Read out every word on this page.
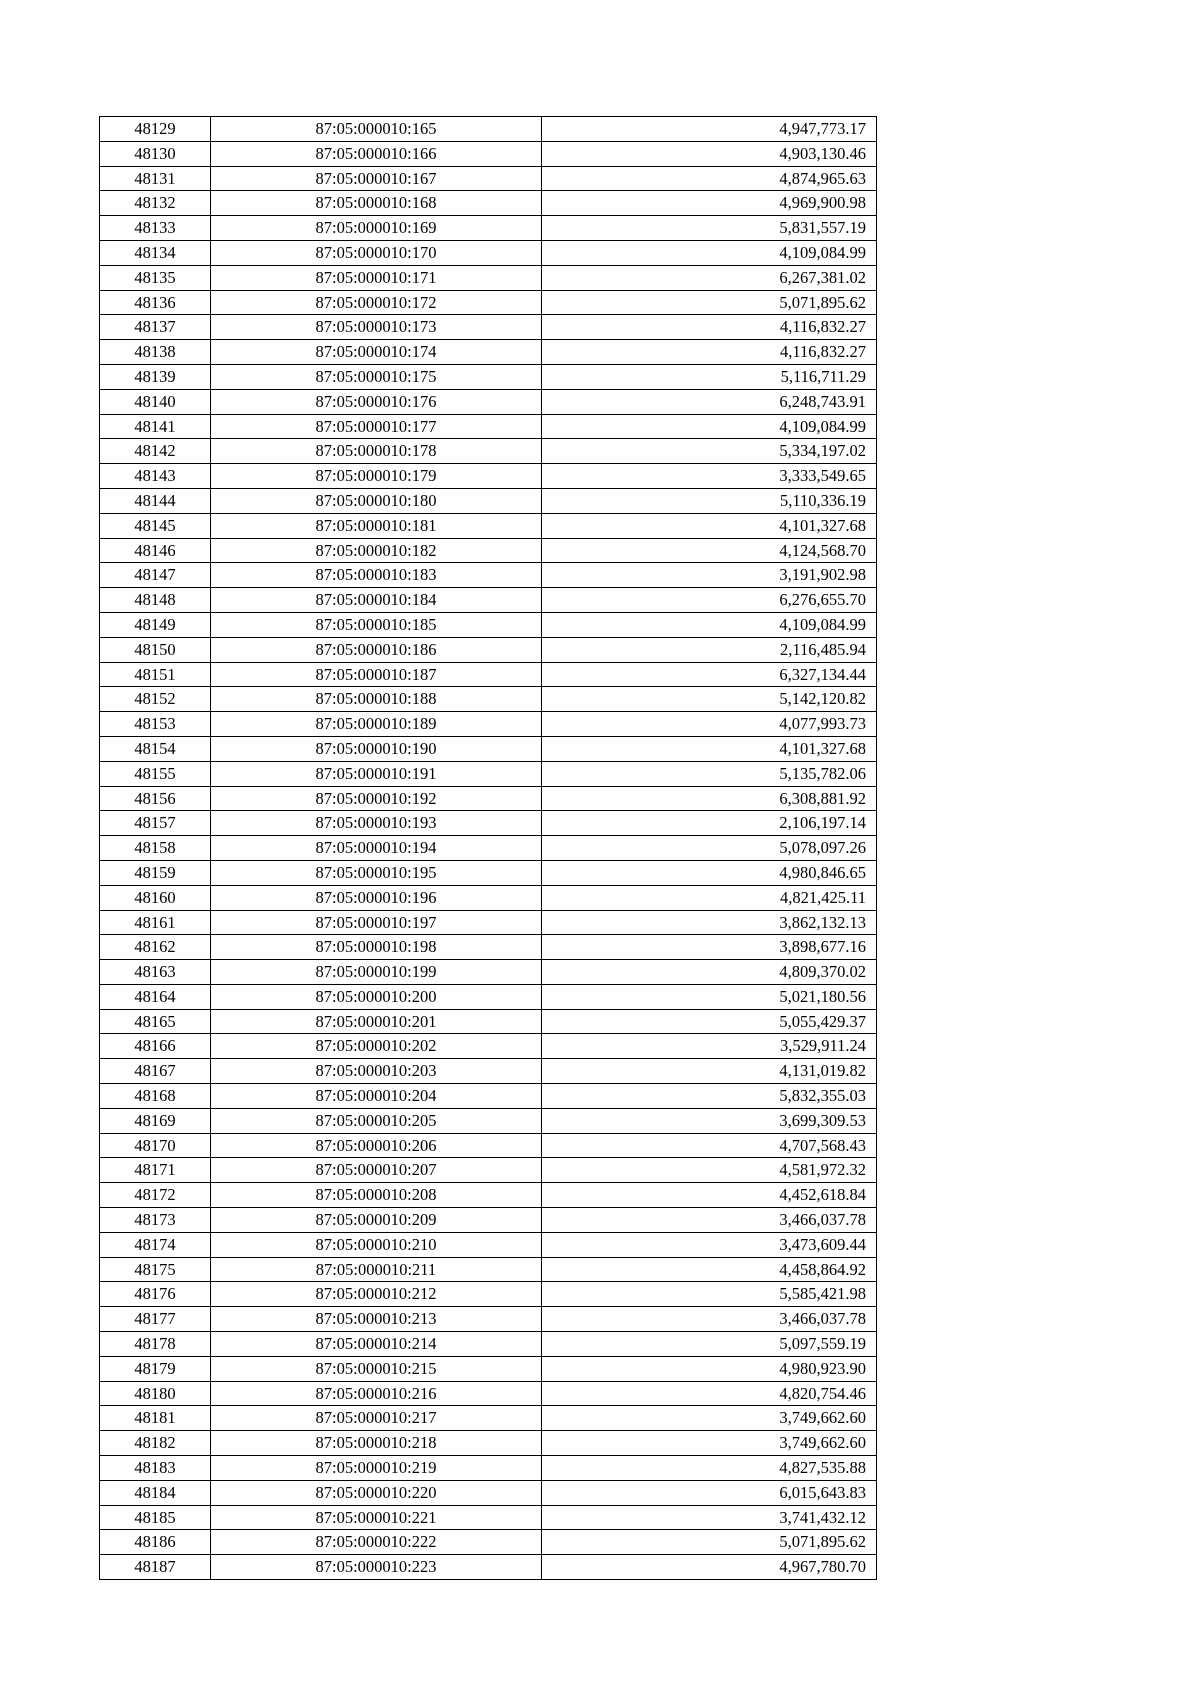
48129	87:05:000010:165	4,947,773.17
48130	87:05:000010:166	4,903,130.46
48131	87:05:000010:167	4,874,965.63
48132	87:05:000010:168	4,969,900.98
48133	87:05:000010:169	5,831,557.19
48134	87:05:000010:170	4,109,084.99
48135	87:05:000010:171	6,267,381.02
48136	87:05:000010:172	5,071,895.62
48137	87:05:000010:173	4,116,832.27
48138	87:05:000010:174	4,116,832.27
48139	87:05:000010:175	5,116,711.29
48140	87:05:000010:176	6,248,743.91
48141	87:05:000010:177	4,109,084.99
48142	87:05:000010:178	5,334,197.02
48143	87:05:000010:179	3,333,549.65
48144	87:05:000010:180	5,110,336.19
48145	87:05:000010:181	4,101,327.68
48146	87:05:000010:182	4,124,568.70
48147	87:05:000010:183	3,191,902.98
48148	87:05:000010:184	6,276,655.70
48149	87:05:000010:185	4,109,084.99
48150	87:05:000010:186	2,116,485.94
48151	87:05:000010:187	6,327,134.44
48152	87:05:000010:188	5,142,120.82
48153	87:05:000010:189	4,077,993.73
48154	87:05:000010:190	4,101,327.68
48155	87:05:000010:191	5,135,782.06
48156	87:05:000010:192	6,308,881.92
48157	87:05:000010:193	2,106,197.14
48158	87:05:000010:194	5,078,097.26
48159	87:05:000010:195	4,980,846.65
48160	87:05:000010:196	4,821,425.11
48161	87:05:000010:197	3,862,132.13
48162	87:05:000010:198	3,898,677.16
48163	87:05:000010:199	4,809,370.02
48164	87:05:000010:200	5,021,180.56
48165	87:05:000010:201	5,055,429.37
48166	87:05:000010:202	3,529,911.24
48167	87:05:000010:203	4,131,019.82
48168	87:05:000010:204	5,832,355.03
48169	87:05:000010:205	3,699,309.53
48170	87:05:000010:206	4,707,568.43
48171	87:05:000010:207	4,581,972.32
48172	87:05:000010:208	4,452,618.84
48173	87:05:000010:209	3,466,037.78
48174	87:05:000010:210	3,473,609.44
48175	87:05:000010:211	4,458,864.92
48176	87:05:000010:212	5,585,421.98
48177	87:05:000010:213	3,466,037.78
48178	87:05:000010:214	5,097,559.19
48179	87:05:000010:215	4,980,923.90
48180	87:05:000010:216	4,820,754.46
48181	87:05:000010:217	3,749,662.60
48182	87:05:000010:218	3,749,662.60
48183	87:05:000010:219	4,827,535.88
48184	87:05:000010:220	6,015,643.83
48185	87:05:000010:221	3,741,432.12
48186	87:05:000010:222	5,071,895.62
48187	87:05:000010:223	4,967,780.70
